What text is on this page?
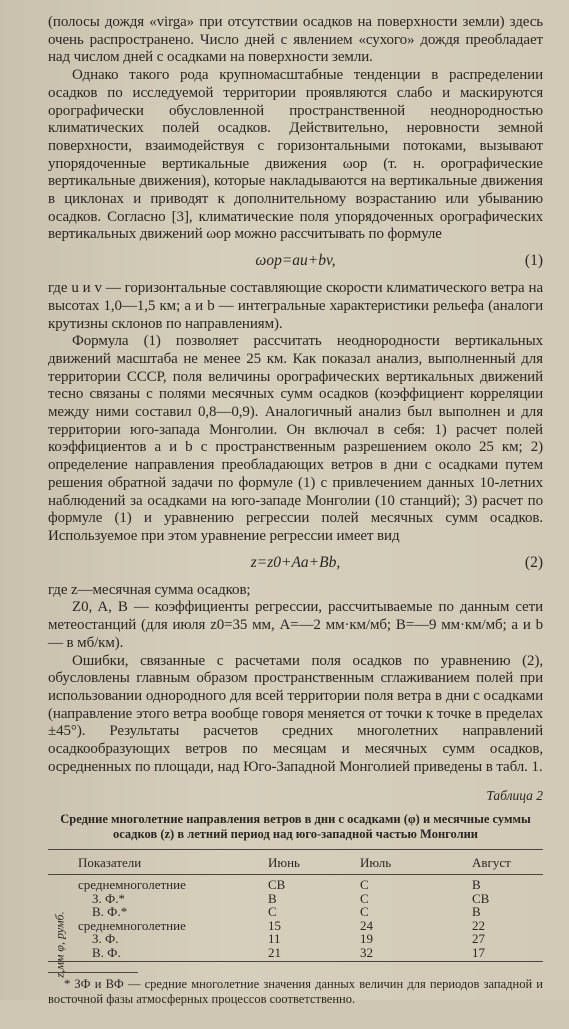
(полосы дождя «virga» при отсутствии осадков на поверхности земли) здесь очень распространено. Число дней с явлением «сухого» дождя преобладает над числом дней с осадками на поверхности земли.

Однако такого рода крупномасштабные тенденции в распределении осадков по исследуемой территории проявляются слабо и маскируются орографически обусловленной пространственной неоднородностью климатических полей осадков. Действительно, неровности земной поверхности, взаимодействуя с горизонтальными потоками, вызывают упорядоченные вертикальные движения ωор (т. н. орографические вертикальные движения), которые накладываются на вертикальные движения в циклонах и приводят к дополнительному возрастанию или убыванию осадков. Согласно [3], климатические поля упорядоченных орографических вертикальных движений ωор можно рассчитывать по формуле

ωор=au+bv,	(1)

где u и v — горизонтальные составляющие скорости климатического ветра на высотах 1,0—1,5 км; a и b — интегральные характеристики рельефа (аналоги крутизны склонов по направлениям).

Формула (1) позволяет рассчитать неоднородности вертикальных движений масштаба не менее 25 км. Как показал анализ, выполненный для территории СССР, поля величины орографических вертикальных движений тесно связаны с полями месячных сумм осадков (коэффициент корреляции между ними составил 0,8—0,9). Аналогичный анализ был выполнен и для территории юго-запада Монголии. Он включал в себя: 1) расчет полей коэффициентов a и b с пространственным разрешением около 25 км; 2) определение направления преобладающих ветров в дни с осадками путем решения обратной задачи по формуле (1) с привлечением данных 10-летних наблюдений за осадками на юго-западе Монголии (10 станций); 3) расчет по формуле (1) и уравнению регрессии полей месячных сумм осадков. Используемое при этом уравнение регрессии имеет вид

z=z0+Aa+Bb,	(2)

где z—месячная сумма осадков;

Z0, A, B — коэффициенты регрессии, рассчитываемые по данным сети метеостанций (для июля z0=35 мм, A=—2 мм·км/мб; B=—9 мм·км/мб; a и b — в мб/км).

Ошибки, связанные с расчетами поля осадков по уравнению (2), обусловлены главным образом пространственным сглаживанием полей при использовании однородного для всей территории поля ветра в дни с осадками (направление этого ветра вообще говоря меняется от точки к точке в пределах ±45°). Результаты расчетов средних многолетних направлений осадкообразующих ветров по месяцам и месячных сумм осадков, осредненных по площади, над Юго-Западной Монголией приведены в табл. 1.

Таблица 2
Средние многолетние направления ветров в дни с осадками (φ) и месячные суммы осадков (z) в летний период над юго-западной частью Монголии
z,мм φ, румб.
Показатели	Июнь	Июль	Август
среднемноголетние	СВ	С	В
З. Ф.*	В	С	СВ
В. Ф.*	С	С	В
среднемноголетние	15	24	22
З. Ф.	11	19	27
В. Ф.	21	32	17

* ЗФ и ВФ — средние многолетние значения данных величин для периодов западной и восточной фазы атмосферных процессов соответственно.
